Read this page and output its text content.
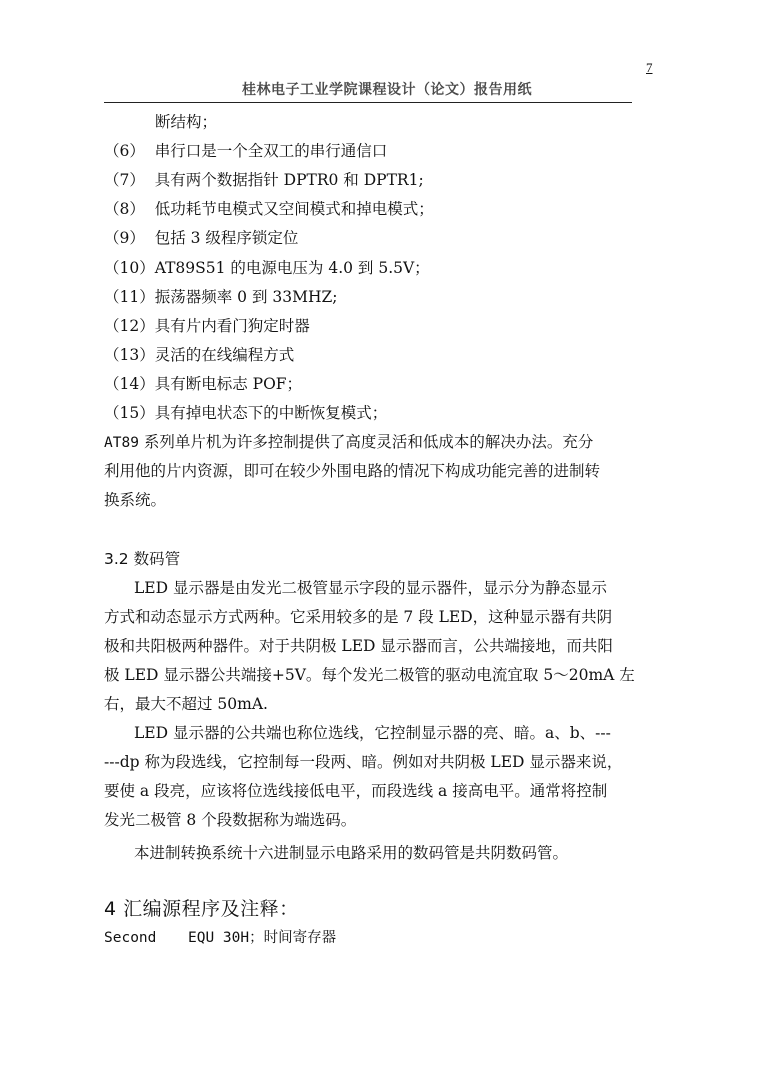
7
桂林电子工业学院课程设计（论文）报告用纸
断结构；
（6）  串行口是一个全双工的串行通信口
（7）  具有两个数据指针 DPTR0 和 DPTR1;
（8）  低功耗节电模式又空间模式和掉电模式；
（9）  包括 3 级程序锁定位
（10）AT89S51 的电源电压为 4.0 到 5.5V；
（11）振荡器频率 0 到 33MHZ;
（12）具有片内看门狗定时器
（13）灵活的在线编程方式
（14）具有断电标志 POF；
（15）具有掉电状态下的中断恢复模式；
AT89 系列单片机为许多控制提供了高度灵活和低成本的解决办法。充分
利用他的片内资源，即可在较少外围电路的情况下构成功能完善的进制转
换系统。
3.2 数码管
LED 显示器是由发光二极管显示字段的显示器件，显示分为静态显示
方式和动态显示方式两种。它采用较多的是 7 段 LED，这种显示器有共阴
极和共阳极两种器件。对于共阴极 LED 显示器而言，公共端接地，而共阳
极 LED 显示器公共端接+5V。每个发光二极管的驱动电流宜取 5～20mA 左
右，最大不超过 50mA.
LED 显示器的公共端也称位选线，它控制显示器的亮、暗。a、b、---
---dp 称为段选线，它控制每一段两、暗。例如对共阴极 LED 显示器来说，
要使 a 段亮，应该将位选线接低电平，而段选线 a 接高电平。通常将控制
发光二极管 8 个段数据称为端选码。
本进制转换系统十六进制显示电路采用的数码管是共阴数码管。
4 汇编源程序及注释：
Second EQU 30H；时间寄存器
